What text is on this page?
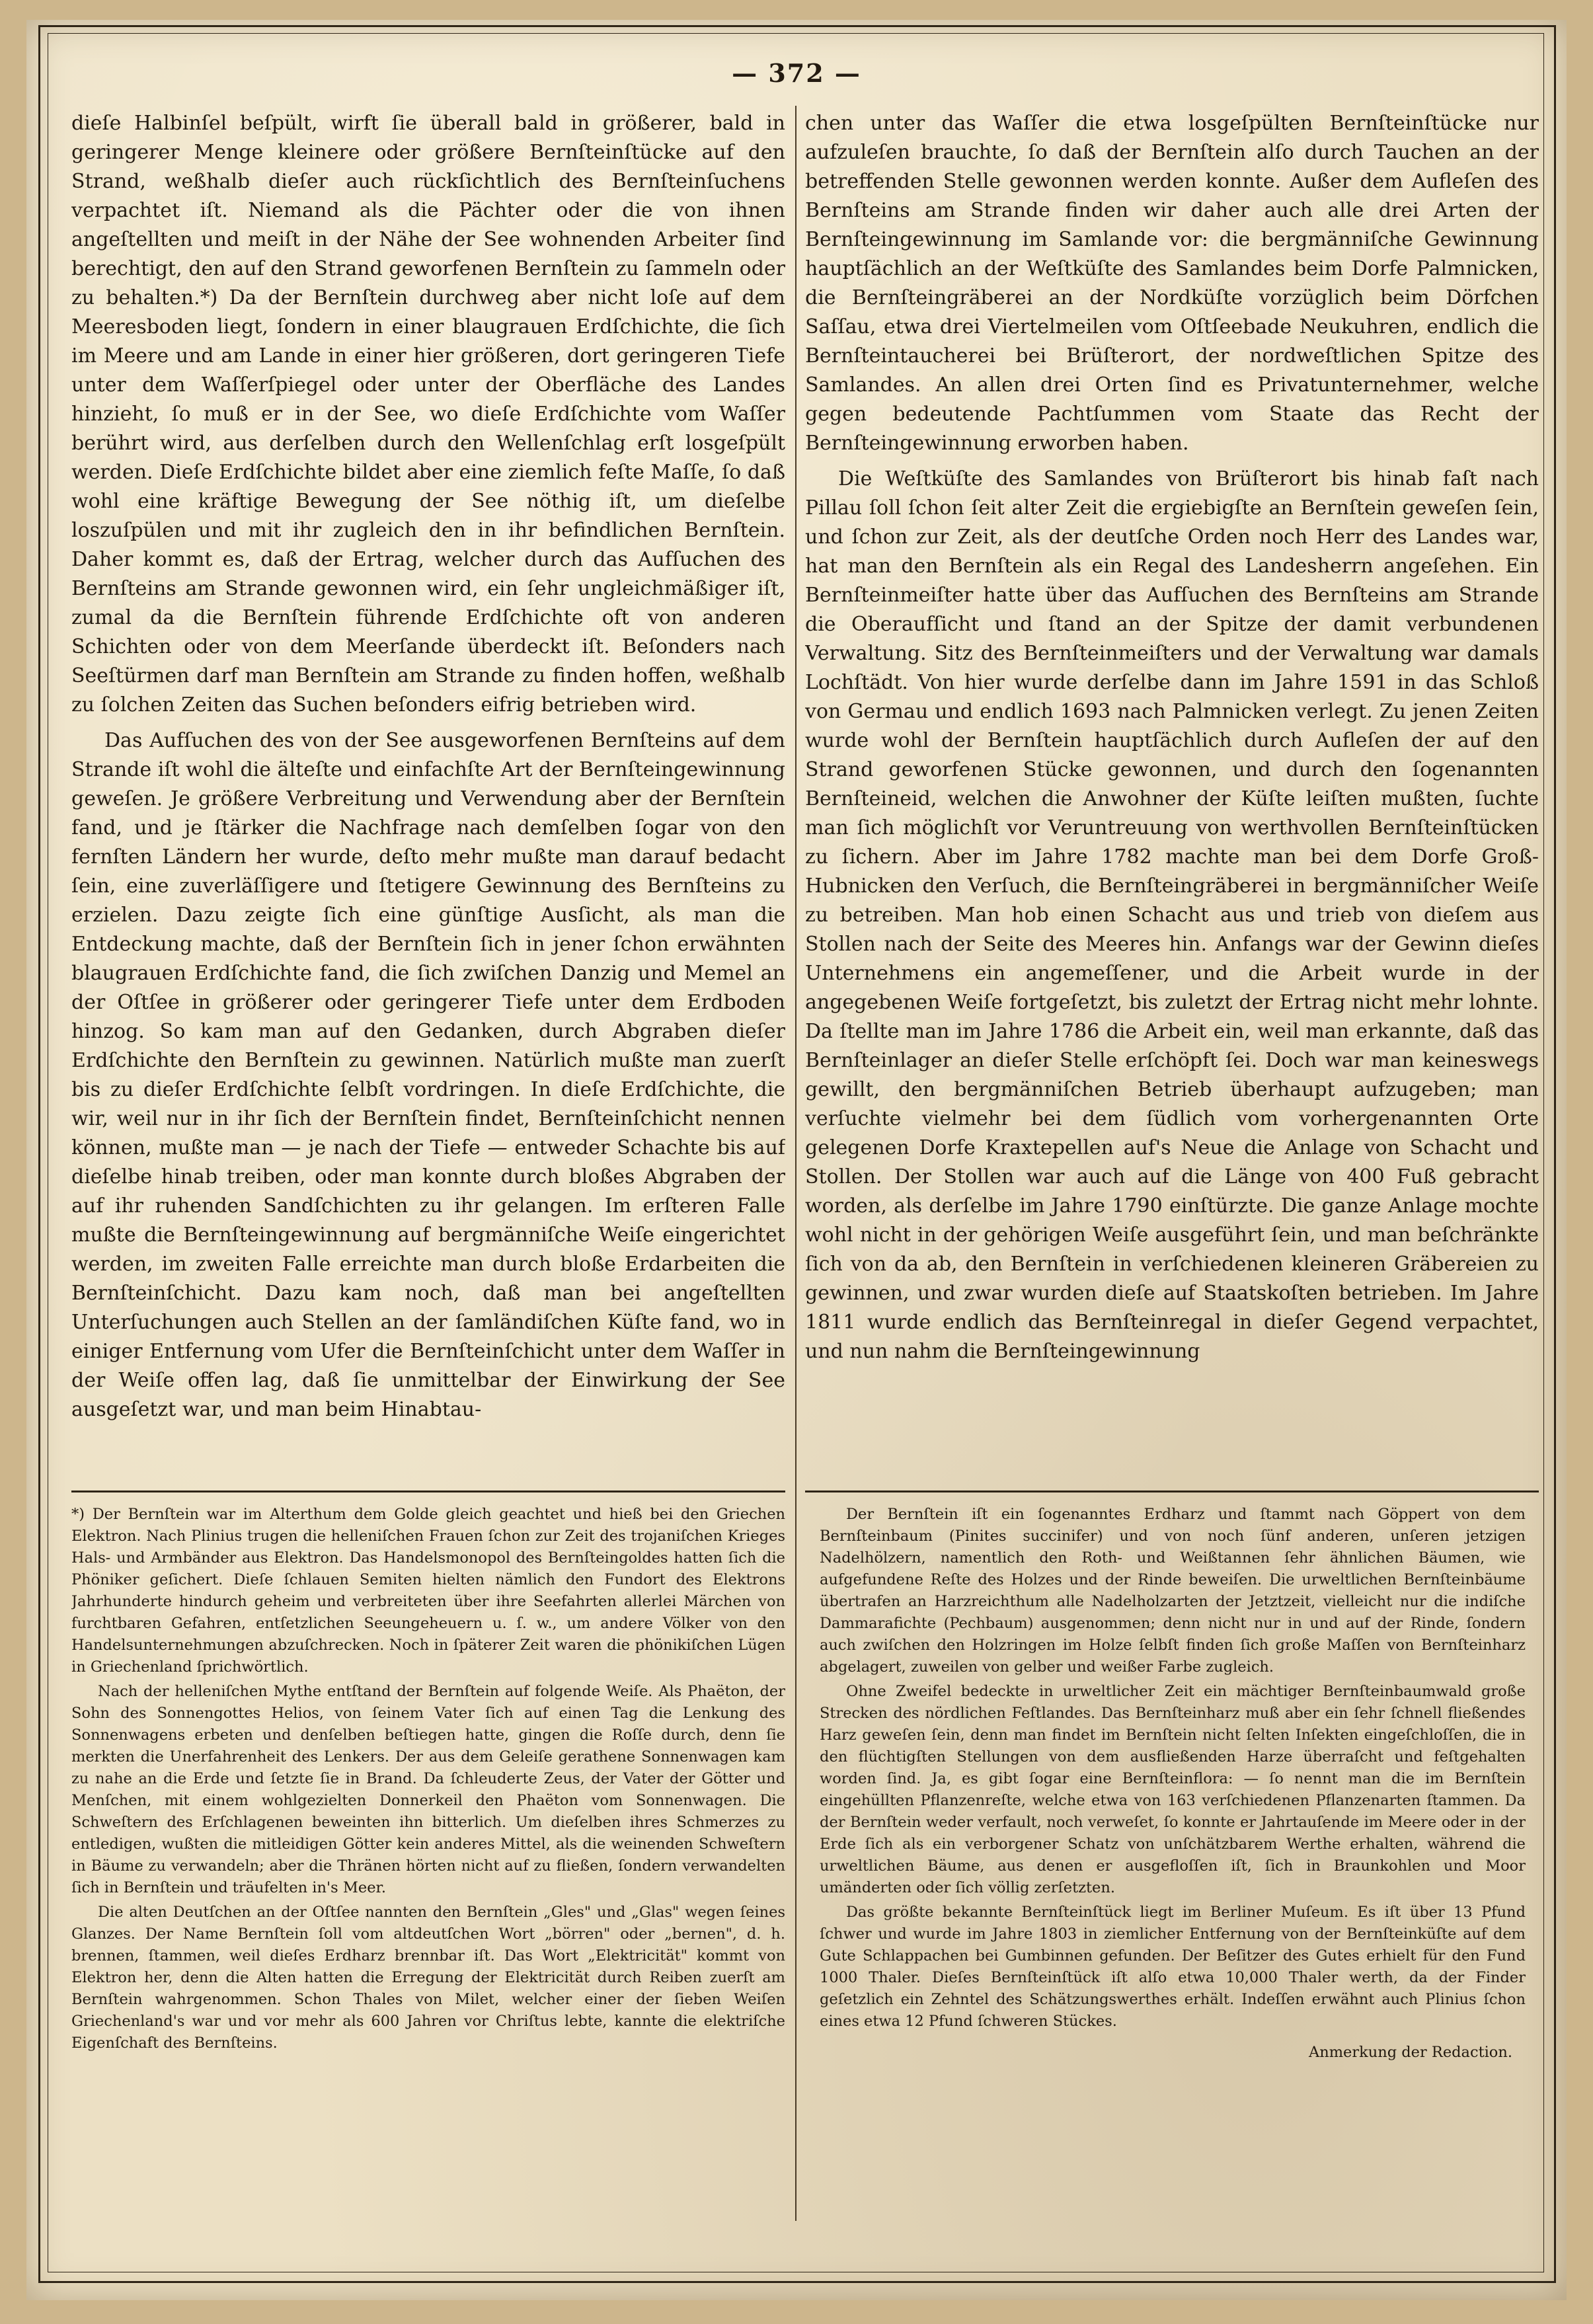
— 372 —

dieſe Halbinſel beſpült, wirft ſie überall bald in größerer, bald in geringerer Menge kleinere oder größere Bernſteinſtücke auf den Strand, weßhalb dieſer auch rückſichtlich des Bernſteinſuchens verpachtet iſt. Niemand als die Pächter oder die von ihnen angeſtellten und meiſt in der Nähe der See wohnenden Arbeiter ſind berechtigt, den auf den Strand geworfenen Bernſtein zu ſammeln oder zu behalten.*) Da der Bernſtein durchweg aber nicht loſe auf dem Meeresboden liegt, ſondern in einer blaugrauen Erdſchichte, die ſich im Meere und am Lande in einer hier größeren, dort geringeren Tiefe unter dem Waſſerſpiegel oder unter der Oberfläche des Landes hinzieht, ſo muß er in der See, wo dieſe Erdſchichte vom Waſſer berührt wird, aus derſelben durch den Wellenſchlag erſt losgeſpült werden. Dieſe Erdſchichte bildet aber eine ziemlich feſte Maſſe, ſo daß wohl eine kräftige Bewegung der See nöthig iſt, um dieſelbe loszuſpülen und mit ihr zugleich den in ihr befindlichen Bernſtein. Daher kommt es, daß der Ertrag, welcher durch das Aufſuchen des Bernſteins am Strande gewonnen wird, ein ſehr ungleichmäßiger iſt, zumal da die Bernſtein führende Erdſchichte oft von anderen Schichten oder von dem Meerſande überdeckt iſt. Beſonders nach Seeſtürmen darf man Bernſtein am Strande zu finden hoffen, weßhalb zu ſolchen Zeiten das Suchen beſonders eifrig betrieben wird.

Das Aufſuchen des von der See ausgeworfenen Bernſteins auf dem Strande iſt wohl die älteſte und einfachſte Art der Bernſteingewinnung geweſen. Je größere Verbreitung und Verwendung aber der Bernſtein fand, und je ſtärker die Nachfrage nach demſelben ſogar von den fernſten Ländern her wurde, deſto mehr mußte man darauf bedacht ſein, eine zuverläſſigere und ſtetigere Gewinnung des Bernſteins zu erzielen. Dazu zeigte ſich eine günſtige Ausſicht, als man die Entdeckung machte, daß der Bernſtein ſich in jener ſchon erwähnten blaugrauen Erdſchichte fand, die ſich zwiſchen Danzig und Memel an der Oſtſee in größerer oder geringerer Tiefe unter dem Erdboden hinzog. So kam man auf den Gedanken, durch Abgraben dieſer Erdſchichte den Bernſtein zu gewinnen. Natürlich mußte man zuerſt bis zu dieſer Erdſchichte ſelbſt vordringen. In dieſe Erdſchichte, die wir, weil nur in ihr ſich der Bernſtein findet, Bernſteinſchicht nennen können, mußte man — je nach der Tiefe — entweder Schachte bis auf dieſelbe hinab treiben, oder man konnte durch bloßes Abgraben der auf ihr ruhenden Sandſchichten zu ihr gelangen. Im erſteren Falle mußte die Bernſteingewinnung auf bergmänniſche Weiſe eingerichtet werden, im zweiten Falle erreichte man durch bloße Erdarbeiten die Bernſteinſchicht. Dazu kam noch, daß man bei angeſtellten Unterſuchungen auch Stellen an der ſamländiſchen Küſte fand, wo in einiger Entfernung vom Ufer die Bernſteinſchicht unter dem Waſſer in der Weiſe offen lag, daß ſie unmittelbar der Einwirkung der See ausgeſetzt war, und man beim Hinabtau-

chen unter das Waſſer die etwa losgeſpülten Bernſteinſtücke nur aufzuleſen brauchte, ſo daß der Bernſtein alſo durch Tauchen an der betreffenden Stelle gewonnen werden konnte. Außer dem Aufleſen des Bernſteins am Strande finden wir daher auch alle drei Arten der Bernſteingewinnung im Samlande vor: die bergmänniſche Gewinnung hauptſächlich an der Weſtküſte des Samlandes beim Dorfe Palmnicken, die Bernſteingräberei an der Nordküſte vorzüglich beim Dörfchen Saſſau, etwa drei Viertelmeilen vom Oſtſeebade Neukuhren, endlich die Bernſteintaucherei bei Brüſterort, der nordweſtlichen Spitze des Samlandes. An allen drei Orten ſind es Privatunternehmer, welche gegen bedeutende Pachtſummen vom Staate das Recht der Bernſteingewinnung erworben haben.

Die Weſtküſte des Samlandes von Brüſterort bis hinab faſt nach Pillau ſoll ſchon ſeit alter Zeit die ergiebigſte an Bernſtein geweſen ſein, und ſchon zur Zeit, als der deutſche Orden noch Herr des Landes war, hat man den Bernſtein als ein Regal des Landesherrn angeſehen. Ein Bernſteinmeiſter hatte über das Aufſuchen des Bernſteins am Strande die Oberaufſicht und ſtand an der Spitze der damit verbundenen Verwaltung. Sitz des Bernſteinmeiſters und der Verwaltung war damals Lochſtädt. Von hier wurde derſelbe dann im Jahre 1591 in das Schloß von Germau und endlich 1693 nach Palmnicken verlegt. Zu jenen Zeiten wurde wohl der Bernſtein hauptſächlich durch Aufleſen der auf den Strand geworfenen Stücke gewonnen, und durch den ſogenannten Bernſteineid, welchen die Anwohner der Küſte leiſten mußten, ſuchte man ſich möglichſt vor Veruntreuung von werthvollen Bernſteinſtücken zu ſichern. Aber im Jahre 1782 machte man bei dem Dorfe Groß-Hubnicken den Verſuch, die Bernſteingräberei in bergmänniſcher Weiſe zu betreiben. Man hob einen Schacht aus und trieb von dieſem aus Stollen nach der Seite des Meeres hin. Anfangs war der Gewinn dieſes Unternehmens ein angemeſſener, und die Arbeit wurde in der angegebenen Weiſe fortgeſetzt, bis zuletzt der Ertrag nicht mehr lohnte. Da ſtellte man im Jahre 1786 die Arbeit ein, weil man erkannte, daß das Bernſteinlager an dieſer Stelle erſchöpft ſei. Doch war man keineswegs gewillt, den bergmänniſchen Betrieb überhaupt aufzugeben; man verſuchte vielmehr bei dem ſüdlich vom vorhergenannten Orte gelegenen Dorfe Kraxtepellen auf's Neue die Anlage von Schacht und Stollen. Der Stollen war auch auf die Länge von 400 Fuß gebracht worden, als derſelbe im Jahre 1790 einſtürzte. Die ganze Anlage mochte wohl nicht in der gehörigen Weiſe ausgeführt ſein, und man beſchränkte ſich von da ab, den Bernſtein in verſchiedenen kleineren Gräbereien zu gewinnen, und zwar wurden dieſe auf Staatskoſten betrieben. Im Jahre 1811 wurde endlich das Bernſteinregal in dieſer Gegend verpachtet, und nun nahm die Bernſteingewinnung

*) Der Bernſtein war im Alterthum dem Golde gleich geachtet und hieß bei den Griechen Elektron. Nach Plinius trugen die helleniſchen Frauen ſchon zur Zeit des trojaniſchen Krieges Hals- und Armbänder aus Elektron. Das Handelsmonopol des Bernſteingoldes hatten ſich die Phöniker geſichert. Dieſe ſchlauen Semiten hielten nämlich den Fundort des Elektrons Jahrhunderte hindurch geheim und verbreiteten über ihre Seefahrten allerlei Märchen von furchtbaren Gefahren, entſetzlichen Seeungeheuern u. ſ. w., um andere Völker von den Handelsunternehmungen abzuſchrecken. Noch in ſpäterer Zeit waren die phönikiſchen Lügen in Griechenland ſprichwörtlich.

Nach der helleniſchen Mythe entſtand der Bernſtein auf folgende Weiſe. Als Phaëton, der Sohn des Sonnengottes Helios, von ſeinem Vater ſich auf einen Tag die Lenkung des Sonnenwagens erbeten und denſelben beſtiegen hatte, gingen die Roſſe durch, denn ſie merkten die Unerfahrenheit des Lenkers. Der aus dem Geleiſe gerathene Sonnenwagen kam zu nahe an die Erde und ſetzte ſie in Brand. Da ſchleuderte Zeus, der Vater der Götter und Menſchen, mit einem wohlgezielten Donnerkeil den Phaëton vom Sonnenwagen. Die Schweſtern des Erſchlagenen beweinten ihn bitterlich. Um dieſelben ihres Schmerzes zu entledigen, wußten die mitleidigen Götter kein anderes Mittel, als die weinenden Schweſtern in Bäume zu verwandeln; aber die Thränen hörten nicht auf zu fließen, ſondern verwandelten ſich in Bernſtein und träufelten in's Meer.

Die alten Deutſchen an der Oſtſee nannten den Bernſtein „Gles" und „Glas" wegen ſeines Glanzes. Der Name Bernſtein ſoll vom altdeutſchen Wort „börren" oder „bernen", d. h. brennen, ſtammen, weil dieſes Erdharz brennbar iſt. Das Wort „Elektricität" kommt von Elektron her, denn die Alten hatten die Erregung der Elektricität durch Reiben zuerſt am Bernſtein wahrgenommen. Schon Thales von Milet, welcher einer der ſieben Weiſen Griechenland's war und vor mehr als 600 Jahren vor Chriſtus lebte, kannte die elektriſche Eigenſchaft des Bernſteins.

Der Bernſtein iſt ein ſogenanntes Erdharz und ſtammt nach Göppert von dem Bernſteinbaum (Pinites succinifer) und von noch ſünf anderen, unſeren jetzigen Nadelhölzern, namentlich den Roth- und Weißtannen ſehr ähnlichen Bäumen, wie aufgefundene Reſte des Holzes und der Rinde beweiſen. Die urweltlichen Bernſteinbäume übertrafen an Harzreichthum alle Nadelholzarten der Jetztzeit, vielleicht nur die indiſche Dammarafichte (Pechbaum) ausgenommen; denn nicht nur in und auf der Rinde, ſondern auch zwiſchen den Holzringen im Holze ſelbſt finden ſich große Maſſen von Bernſteinharz abgelagert, zuweilen von gelber und weißer Farbe zugleich.

Ohne Zweifel bedeckte in urweltlicher Zeit ein mächtiger Bernſteinbaumwald große Strecken des nördlichen Feſtlandes. Das Bernſteinharz muß aber ein ſehr ſchnell fließendes Harz geweſen ſein, denn man findet im Bernſtein nicht ſelten Inſekten eingeſchloſſen, die in den flüchtigſten Stellungen von dem ausfließenden Harze überraſcht und feſtgehalten worden ſind. Ja, es gibt ſogar eine Bernſteinflora: — ſo nennt man die im Bernſtein eingehüllten Pflanzenreſte, welche etwa von 163 verſchiedenen Pflanzenarten ſtammen. Da der Bernſtein weder verfault, noch verweſet, ſo konnte er Jahrtauſende im Meere oder in der Erde ſich als ein verborgener Schatz von unſchätzbarem Werthe erhalten, während die urweltlichen Bäume, aus denen er ausgefloſſen iſt, ſich in Braunkohlen und Moor umänderten oder ſich völlig zerſetzten.

Das größte bekannte Bernſteinſtück liegt im Berliner Muſeum. Es iſt über 13 Pfund ſchwer und wurde im Jahre 1803 in ziemlicher Entfernung von der Bernſteinküſte auf dem Gute Schlappachen bei Gumbinnen gefunden. Der Beſitzer des Gutes erhielt für den Fund 1000 Thaler. Dieſes Bernſteinſtück iſt alſo etwa 10,000 Thaler werth, da der Finder geſetzlich ein Zehntel des Schätzungswerthes erhält. Indeſſen erwähnt auch Plinius ſchon eines etwa 12 Pfund ſchweren Stückes.

Anmerkung der Redaction.
